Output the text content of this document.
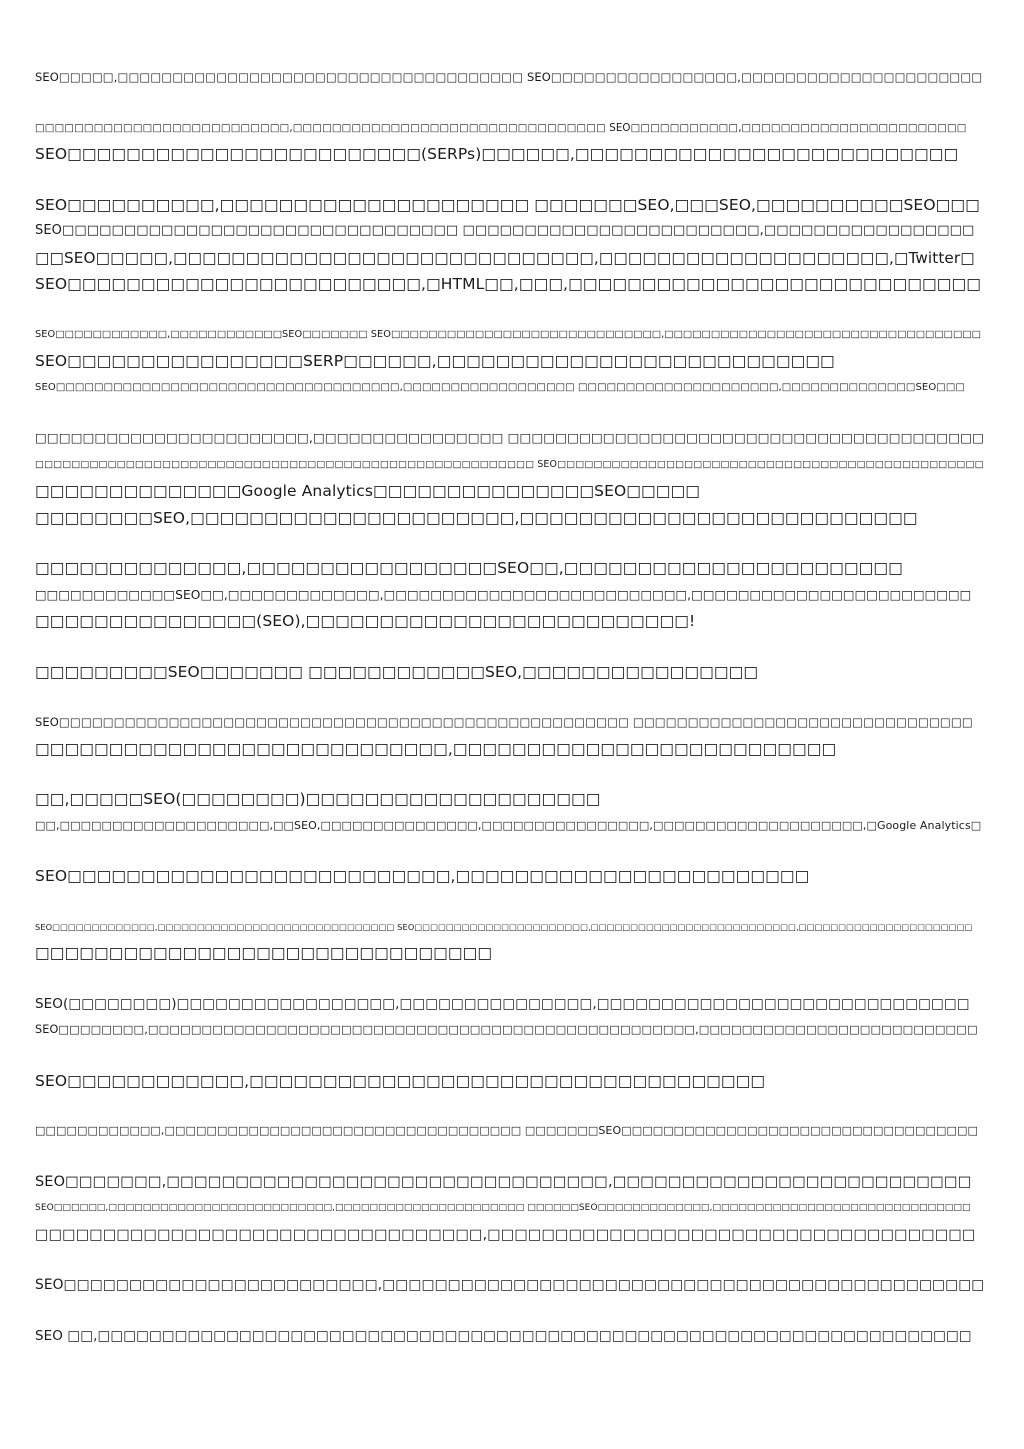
SEO□□□□□,□□□□□□□□□□□□□□□□□□□□□□□□□□□□□□□□□□□□□ SEO□□□□□□□□□□□□□□□□□,□□□□□□□□□□□□□□□□□□□□□□

□□□□□□□□□□□□□□□□□□□□□□□□□□,□□□□□□□□□□□□□□□□□□□□□□□□□□□□□□□□ SEO□□□□□□□□□□□,□□□□□□□□□□□□□□□□□□□□□□□
SEO□□□□□□□□□□□□□□□□□□□□□□□□(SERPs)□□□□□□,□□□□□□□□□□□□□□□□□□□□□□□□□□

SEO□□□□□□□□□□,□□□□□□□□□□□□□□□□□□□□□ □□□□□□□SEO,□□□SEO,□□□□□□□□□□SEO□□□
SEO□□□□□□□□□□□□□□□□□□□□□□□□□□□□□□□□ □□□□□□□□□□□□□□□□□□□□□□□□,□□□□□□□□□□□□□□□□□
□□SEO□□□□□,□□□□□□□□□□□□□□□□□□□□□□□□□□□□□,□□□□□□□□□□□□□□□□□□□□,□Twitter□
SEO□□□□□□□□□□□□□□□□□□□□□□□□,□HTML□□,□□□,□□□□□□□□□□□□□□□□□□□□□□□□□□□□

SEO□□□□□□□□□□□□,□□□□□□□□□□□□SEO□□□□□□□ SEO□□□□□□□□□□□□□□□□□□□□□□□□□□□□□,□□□□□□□□□□□□□□□□□□□□□□□□□□□□□□□□□□
SEO□□□□□□□□□□□□□□□□SERP□□□□□□,□□□□□□□□□□□□□□□□□□□□□□□□□□□
SEO□□□□□□□□□□□□□□□□□□□□□□□□□□□□□□□□□□□□,□□□□□□□□□□□□□□□□□□ □□□□□□□□□□□□□□□□□□□□□,□□□□□□□□□□□□□□SEO□□□

□□□□□□□□□□□□□□□□□□□□□□□,□□□□□□□□□□□□□□□□ □□□□□□□□□□□□□□□□□□□□□□□□□□□□□□□□□□□□□□□□
□□□□□□□□□□□□□□□□□□□□□□□□□□□□□□□□□□□□□□□□□□□□□□□□□□□□□□□ SEO□□□□□□□□□□□□□□□□□□□□□□□□□□□□□□□□□□□□□□□□□□□□□□□
□□□□□□□□□□□□□□Google Analytics□□□□□□□□□□□□□□□SEO□□□□□
□□□□□□□□SEO,□□□□□□□□□□□□□□□□□□□□□□,□□□□□□□□□□□□□□□□□□□□□□□□□□□

□□□□□□□□□□□□□□,□□□□□□□□□□□□□□□□□SEO□□,□□□□□□□□□□□□□□□□□□□□□□□
□□□□□□□□□□□□SEO□□,□□□□□□□□□□□□□,□□□□□□□□□□□□□□□□□□□□□□□□□□,□□□□□□□□□□□□□□□□□□□□□□□□
□□□□□□□□□□□□□□□(SEO),□□□□□□□□□□□□□□□□□□□□□□□□□□!

□□□□□□□□□SEO□□□□□□□ □□□□□□□□□□□□SEO,□□□□□□□□□□□□□□□□

SEO□□□□□□□□□□□□□□□□□□□□□□□□□□□□□□□□□□□□□□□□□□□□□□□□□□□□ □□□□□□□□□□□□□□□□□□□□□□□□□□□□□□□
□□□□□□□□□□□□□□□□□□□□□□□□□□□□,□□□□□□□□□□□□□□□□□□□□□□□□□□

□□,□□□□□SEO(□□□□□□□□)□□□□□□□□□□□□□□□□□□□□
□□,□□□□□□□□□□□□□□□□□□□□,□□SEO,□□□□□□□□□□□□□□□,□□□□□□□□□□□□□□□□,□□□□□□□□□□□□□□□□□□□□,□Google Analytics□

SEO□□□□□□□□□□□□□□□□□□□□□□□□□□,□□□□□□□□□□□□□□□□□□□□□□□□

SEO□□□□□□□□□□□□□,□□□□□□□□□□□□□□□□□□□□□□□□□□□□□□ SEO□□□□□□□□□□□□□□□□□□□□□□,□□□□□□□□□□□□□□□□□□□□□□□□□□,□□□□□□□□□□□□□□□□□□□□□□
□□□□□□□□□□□□□□□□□□□□□□□□□□□□□□□

SEO(□□□□□□□□)□□□□□□□□□□□□□□□□□,□□□□□□□□□□□□□□□,□□□□□□□□□□□□□□□□□□□□□□□□□□□□□
SEO□□□□□□□□,□□□□□□□□□□□□□□□□□□□□□□□□□□□□□□□□□□□□□□□□□□□□□□□□□□□,□□□□□□□□□□□□□□□□□□□□□□□□□□

SEO□□□□□□□□□□□□,□□□□□□□□□□□□□□□□□□□□□□□□□□□□□□□□□□□

□□□□□□□□□□□□,□□□□□□□□□□□□□□□□□□□□□□□□□□□□□□□□□□ □□□□□□□SEO□□□□□□□□□□□□□□□□□□□□□□□□□□□□□□□□□□

SEO□□□□□□□,□□□□□□□□□□□□□□□□□□□□□□□□□□□□□□□□,□□□□□□□□□□□□□□□□□□□□□□□□□□
SEO□□□□□□,□□□□□□□□□□□□□□□□□□□□□□□□□□,□□□□□□□□□□□□□□□□□□□□□□ □□□□□□SEO□□□□□□□□□□□□□,□□□□□□□□□□□□□□□□□□□□□□□□□□□□□□
□□□□□□□□□□□□□□□□□□□□□□□□□□□□□□□□□,□□□□□□□□□□□□□□□□□□□□□□□□□□□□□□□□□□□□

SEO□□□□□□□□□□□□□□□□□□□□□□□□,□□□□□□□□□□□□□□□□□□□□□□□□□□□□□□□□□□□□□□□□□□□□□□

SEO □□,□□□□□□□□□□□□□□□□□□□□□□□□□□□□□□□□□□□□□□□□□□□□□□□□□□□□□□□□□□□□□□□□□□□□
